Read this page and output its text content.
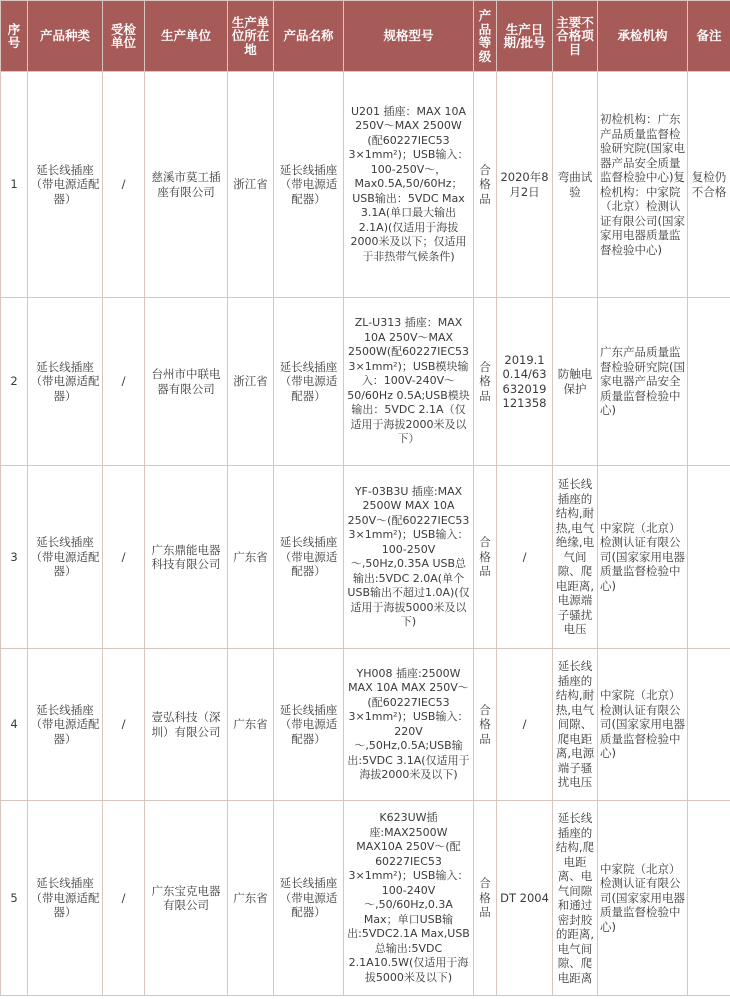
序号	产品种类	受检单位	生产单位	生产单位所在地	产品名称	规格型号	产品等级	生产日期/批号	主要不合格项目	承检机构	备注
1	延长线插座（带电源适配器）	/	慈溪市莫工插座有限公司	浙江省	延长线插座（带电源适配器）	U201 插座：MAX 10A 250V～MAX 2500W (配60227IEC53 3×1mm²)；USB输入：100-250V～，Max0.5A,50/60Hz；USB输出：5VDC Max 3.1A(单口最大输出2.1A)(仅适用于海拔2000米及以下；仅适用于非热带气候条件)	合格品	2020年8月2日	弯曲试验	初检机构：广东产品质量监督检验研究院(国家电器产品安全质量监督检验中心)复检机构：中家院（北京）检测认证有限公司(国家家用电器质量监督检验中心)	复检仍不合格
2	延长线插座（带电源适配器）	/	台州市中联电器有限公司	浙江省	延长线插座（带电源适配器）	ZL-U313 插座：MAX 10A 250V～MAX 2500W(配60227IEC53 3×1mm²)；USB模块输入：100V-240V～50/60Hz 0.5A;USB模块输出：5VDC 2.1A（仅适用于海拔2000米及以下）	合格品	2019.10.14/63632019121358	防触电保护	广东产品质量监督检验研究院(国家电器产品安全质量监督检验中心)	
3	延长线插座（带电源适配器）	/	广东鼎能电器科技有限公司	广东省	延长线插座（带电源适配器）	YF-03B3U 插座:MAX 2500W MAX 10A 250V～(配60227IEC53 3×1mm²)；USB输入：100-250V～,50Hz,0.35A USB总输出:5VDC 2.0A(单个USB输出不超过1.0A)(仅适用于海拔5000米及以下)	合格品	/	延长线插座的结构,耐热,电气绝缘,电气间隙、爬电距离,电源端子骚扰电压	中家院（北京）检测认证有限公司(国家家用电器质量监督检验中心)	
4	延长线插座（带电源适配器）	/	壹弘科技（深圳）有限公司	广东省	延长线插座（带电源适配器）	YH008 插座:2500W MAX 10A MAX 250V～(配60227IEC53 3×1mm²)；USB输入：220V～,50Hz,0.5A;USB输出:5VDC 3.1A(仅适用于海拔2000米及以下)	合格品	/	延长线插座的结构,耐热,电气间隙、爬电距离,电源端子骚扰电压	中家院（北京）检测认证有限公司(国家家用电器质量监督检验中心)	
5	延长线插座（带电源适配器）	/	广东宝克电器有限公司	广东省	延长线插座（带电源适配器）	K623UW插座:MAX2500W MAX10A 250V～(配60227IEC53 3×1mm²)；USB输入：100-240V～,50/60Hz,0.3A Max；单口USB输出:5VDC2.1A Max,USB总输出:5VDC 2.1A10.5W(仅适用于海拔5000米及以下)	合格品	DT 2004	延长线插座的结构,爬电距离、电气间隙和通过密封胶的距离,电气间隙、爬电距离	中家院（北京）检测认证有限公司(国家家用电器质量监督检验中心)	
